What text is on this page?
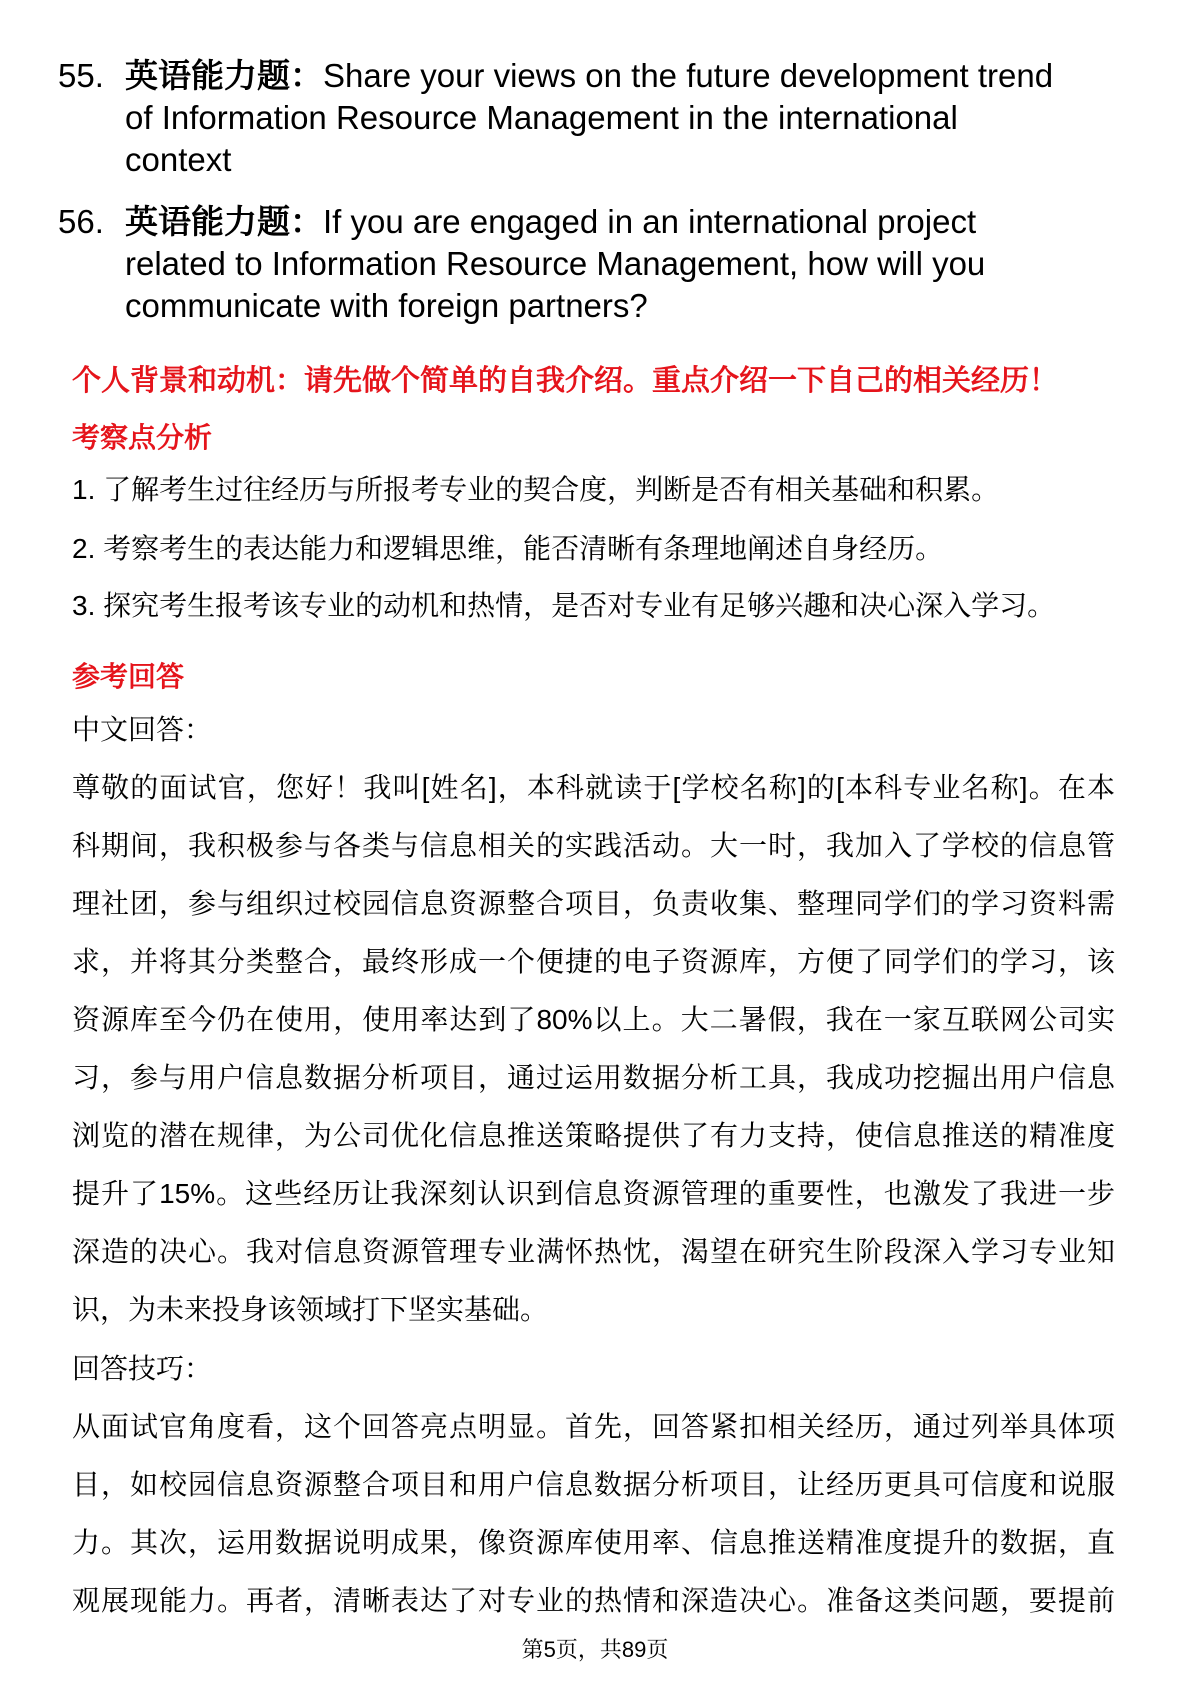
55. 英语能力题：Share your views on the future development trend
of Information Resource Management in the international
context
56. 英语能力题：If you are engaged in an international project
related to Information Resource Management, how will you
communicate with foreign partners?
个人背景和动机：请先做个简单的自我介绍。重点介绍一下自己的相关经历！
考察点分析
1. 了解考生过往经历与所报考专业的契合度，判断是否有相关基础和积累。
2. 考察考生的表达能力和逻辑思维，能否清晰有条理地阐述自身经历。
3. 探究考生报考该专业的动机和热情，是否对专业有足够兴趣和决心深入学习。
参考回答
中文回答：
尊敬的面试官，您好！我叫[姓名]，本科就读于[学校名称]的[本科专业名称]。在本
科期间，我积极参与各类与信息相关的实践活动。大一时，我加入了学校的信息管
理社团，参与组织过校园信息资源整合项目，负责收集、整理同学们的学习资料需
求，并将其分类整合，最终形成一个便捷的电子资源库，方便了同学们的学习，该
资源库至今仍在使用，使用率达到了80%以上。大二暑假，我在一家互联网公司实
习，参与用户信息数据分析项目，通过运用数据分析工具，我成功挖掘出用户信息
浏览的潜在规律，为公司优化信息推送策略提供了有力支持，使信息推送的精准度
提升了15%。这些经历让我深刻认识到信息资源管理的重要性，也激发了我进一步
深造的决心。我对信息资源管理专业满怀热忱，渴望在研究生阶段深入学习专业知
识，为未来投身该领域打下坚实基础。
回答技巧：
从面试官角度看，这个回答亮点明显。首先，回答紧扣相关经历，通过列举具体项
目，如校园信息资源整合项目和用户信息数据分析项目，让经历更具可信度和说服
力。其次，运用数据说明成果，像资源库使用率、信息推送精准度提升的数据，直
观展现能力。再者，清晰表达了对专业的热情和深造决心。准备这类问题，要提前
第5页，共89页
